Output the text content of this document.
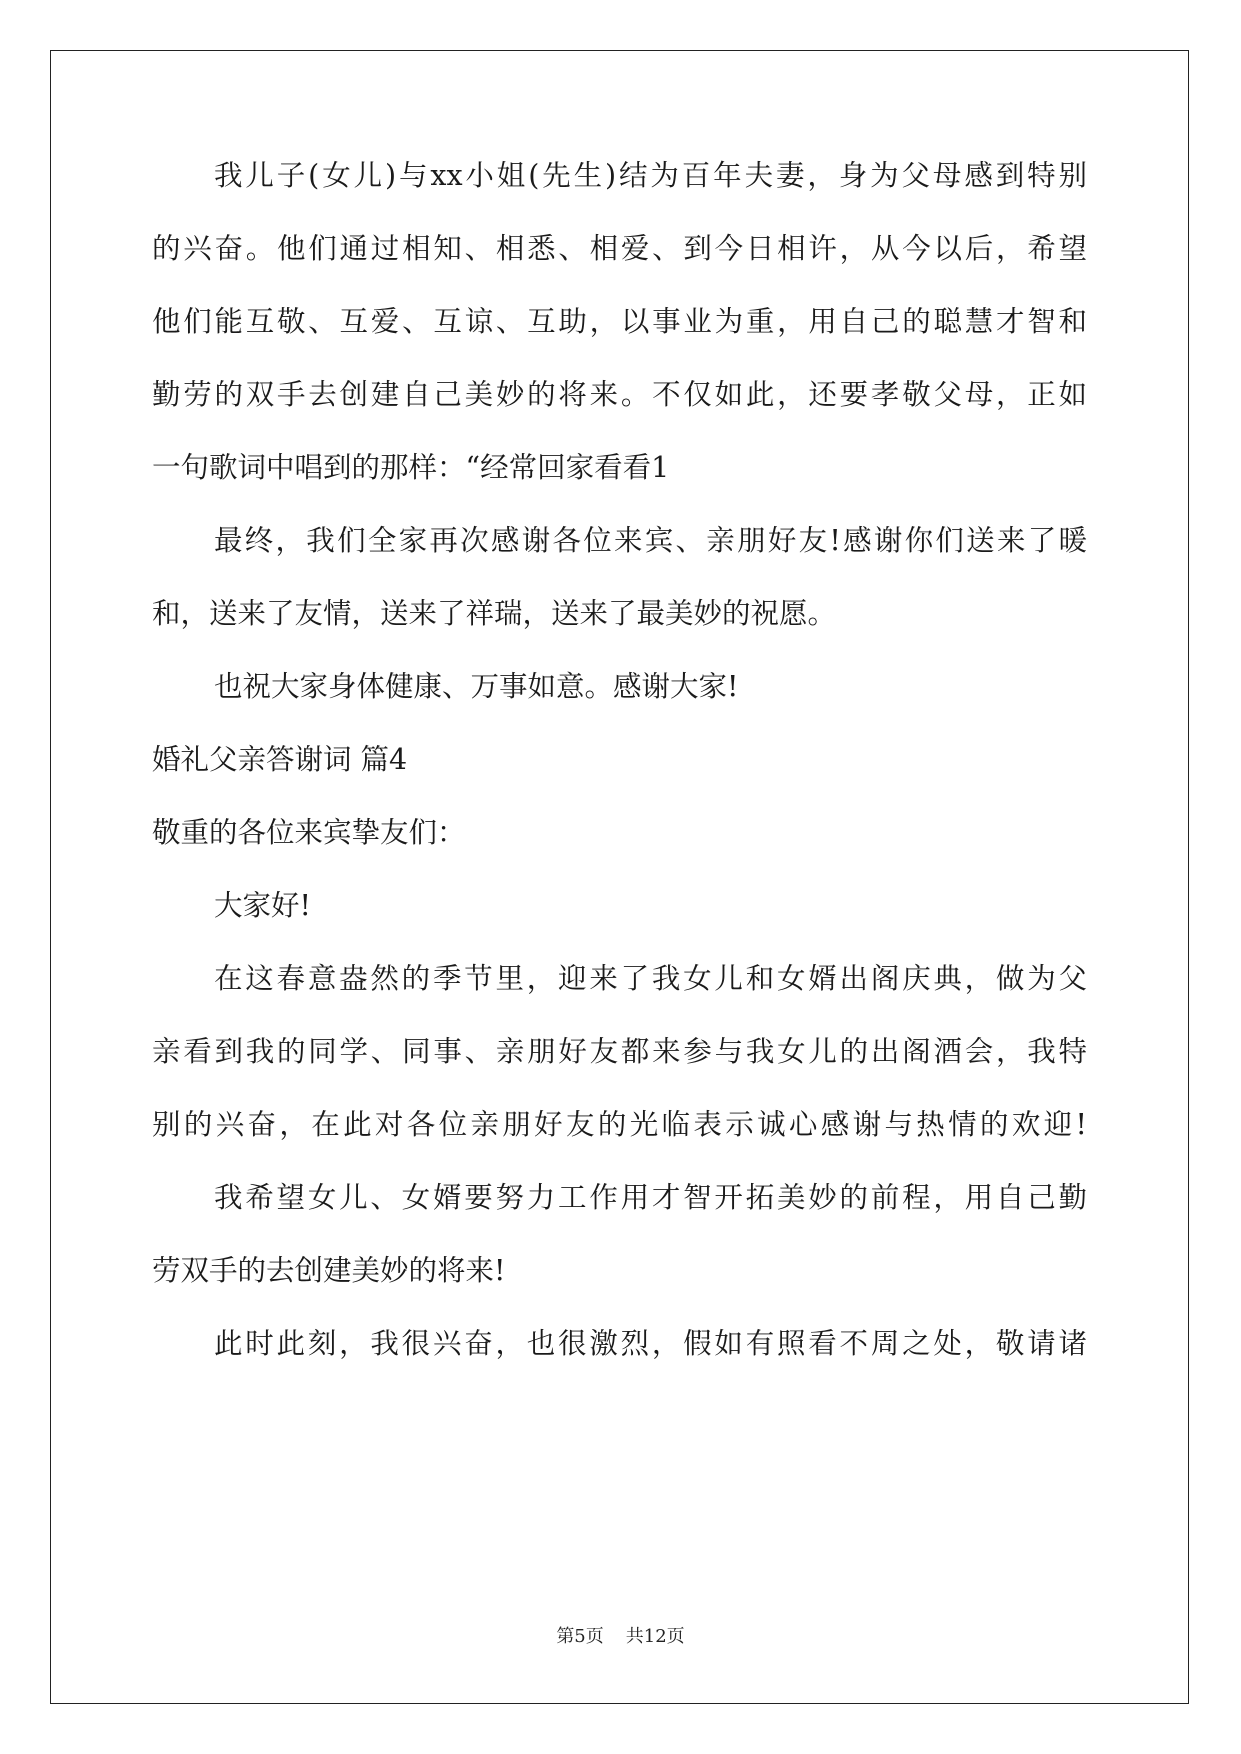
我儿子(女儿)与xx小姐(先生)结为百年夫妻，身为父母感到特别
的兴奋。他们通过相知、相悉、相爱、到今日相许，从今以后，希望
他们能互敬、互爱、互谅、互助，以事业为重，用自己的聪慧才智和
勤劳的双手去创建自己美妙的将来。不仅如此，还要孝敬父母，正如
一句歌词中唱到的那样：“经常回家看看1
最终，我们全家再次感谢各位来宾、亲朋好友!感谢你们送来了暖
和，送来了友情，送来了祥瑞，送来了最美妙的祝愿。
也祝大家身体健康、万事如意。感谢大家!
婚礼父亲答谢词 篇4
敬重的各位来宾挚友们：
大家好!
在这春意盎然的季节里，迎来了我女儿和女婿出阁庆典，做为父
亲看到我的同学、同事、亲朋好友都来参与我女儿的出阁酒会，我特
别的兴奋，在此对各位亲朋好友的光临表示诚心感谢与热情的欢迎!
我希望女儿、女婿要努力工作用才智开拓美妙的前程，用自己勤
劳双手的去创建美妙的将来!
此时此刻，我很兴奋，也很激烈，假如有照看不周之处，敬请诸
第5页 共12页
